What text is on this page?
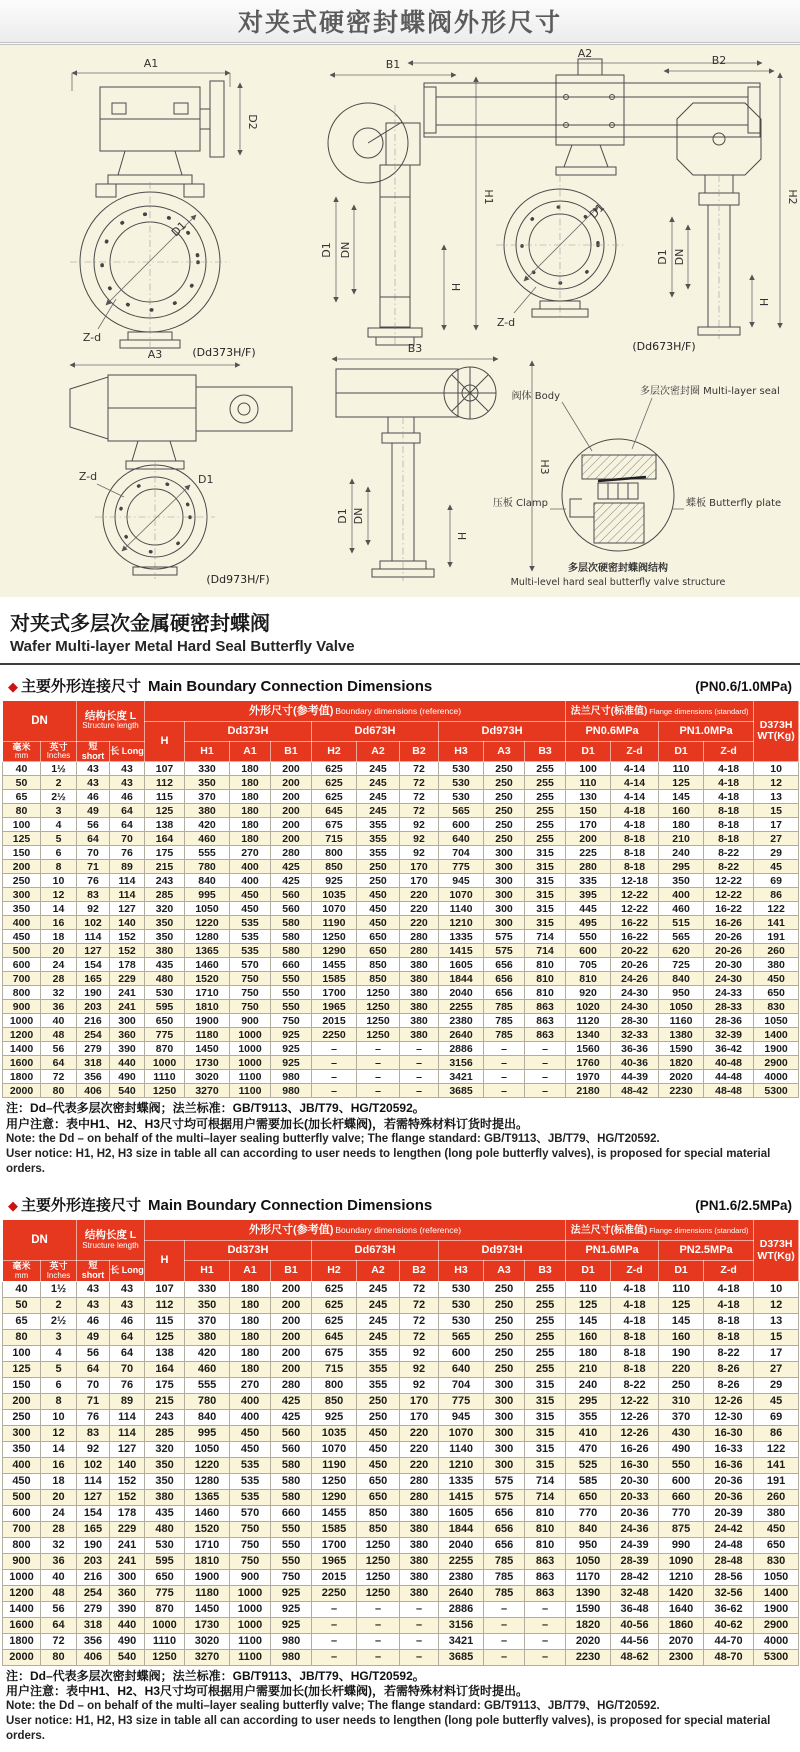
对夹式硬密封蝶阀外形尺寸
A1
D2
D1
Z-d
(Dd373H/F)
B1
H1
D1 DN
H
A2
D1
Z-d
B2
H2
D1 DN
H
(Dd673H/F)
A3
Z-d	D1
(Dd973H/F)
B3
H3
D1 DN
H
阀体 Body	多层次密封圈 Multi-layer seal
压板 Clamp	蝶板 Butterfly plate
多层次硬密封蝶阀结构
Multi-level hard seal butterfly valve structure
对夹式多层次金属硬密封蝶阀
Wafer Multi-layer Metal Hard Seal Butterfly Valve
◆ 主要外形连接尺寸 Main Boundary Connection Dimensions	(PN0.6/1.0MPa)
DN		结构长度 L
Structure length		外形尺寸(参考值) Boundary dimensions (reference)										法兰尺寸(标准值) Flange dimensions (standard)				D373H
WT(Kg)

				H	Dd373H			Dd673H			Dd973H			PN0.6MPa		PN1.0MPa		

毫米
mm	英寸
Inches	短 short	长 Long		H1	A1	B1	H2	A2	B2	H3	A3	B3	D1	Z-d	D1	Z-d	
40	1½	43	43	107	330	180	200	625	245	72	530	250	255	100	4-14	110	4-18	10
50	2	43	43	112	350	180	200	625	245	72	530	250	255	110	4-14	125	4-18	12
65	2½	46	46	115	370	180	200	625	245	72	530	250	255	130	4-14	145	4-18	13
80	3	49	64	125	380	180	200	645	245	72	565	250	255	150	4-18	160	8-18	15
100	4	56	64	138	420	180	200	675	355	92	600	250	255	170	4-18	180	8-18	17
125	5	64	70	164	460	180	200	715	355	92	640	250	255	200	8-18	210	8-18	27
150	6	70	76	175	555	270	280	800	355	92	704	300	315	225	8-18	240	8-22	29
200	8	71	89	215	780	400	425	850	250	170	775	300	315	280	8-18	295	8-22	45
250	10	76	114	243	840	400	425	925	250	170	945	300	315	335	12-18	350	12-22	69
300	12	83	114	285	995	450	560	1035	450	220	1070	300	315	395	12-22	400	12-22	86
350	14	92	127	320	1050	450	560	1070	450	220	1140	300	315	445	12-22	460	16-22	122
400	16	102	140	350	1220	535	580	1190	450	220	1210	300	315	495	16-22	515	16-26	141
450	18	114	152	350	1280	535	580	1250	650	280	1335	575	714	550	16-22	565	20-26	191
500	20	127	152	380	1365	535	580	1290	650	280	1415	575	714	600	20-22	620	20-26	260
600	24	154	178	435	1460	570	660	1455	850	380	1605	656	810	705	20-26	725	20-30	380
700	28	165	229	480	1520	750	550	1585	850	380	1844	656	810	810	24-26	840	24-30	450
800	32	190	241	530	1710	750	550	1700	1250	380	2040	656	810	920	24-30	950	24-33	650
900	36	203	241	595	1810	750	550	1965	1250	380	2255	785	863	1020	24-30	1050	28-33	830
1000	40	216	300	650	1900	900	750	2015	1250	380	2380	785	863	1120	28-30	1160	28-36	1050
1200	48	254	360	775	1180	1000	925	2250	1250	380	2640	785	863	1340	32-33	1380	32-39	1400
1400	56	279	390	870	1450	1000	925	–	–	–	2886	–	–	1560	36-36	1590	36-42	1900
1600	64	318	440	1000	1730	1000	925	–	–	–	3156	–	–	1760	40-36	1820	40-48	2900
1800	72	356	490	1110	3020	1100	980	–	–	–	3421	–	–	1970	44-39	2020	44-48	4000
2000	80	406	540	1250	3270	1100	980	–	–	–	3685	–	–	2180	48-42	2230	48-48	5300
注：Dd–代表多层次密封蝶阀；法兰标准：GB/T9113、JB/T79、HG/T20592。
用户注意：表中H1、H2、H3尺寸均可根据用户需要加长(加长杆蝶阀)，若需特殊材料订货时提出。
Note: the Dd – on behalf of the multi–layer sealing butterfly valve; The flange standard: GB/T9113、JB/T79、HG/T20592.
User notice: H1, H2, H3 size in table all can according to user needs to lengthen (long pole butterfly valves), is proposed for special material orders.
◆ 主要外形连接尺寸 Main Boundary Connection Dimensions	(PN1.6/2.5MPa)
DN		结构长度 L
Structure length		外形尺寸(参考值) Boundary dimensions (reference)										法兰尺寸(标准值) Flange dimensions (standard)				D373H
WT(Kg)

				H	Dd373H			Dd673H			Dd973H			PN1.6MPa		PN2.5MPa		

毫米
mm	英寸
Inches	短 short	长 Long		H1	A1	B1	H2	A2	B2	H3	A3	B3	D1	Z-d	D1	Z-d	
40	1½	43	43	107	330	180	200	625	245	72	530	250	255	110	4-18	110	4-18	10
50	2	43	43	112	350	180	200	625	245	72	530	250	255	125	4-18	125	4-18	12
65	2½	46	46	115	370	180	200	625	245	72	530	250	255	145	4-18	145	8-18	13
80	3	49	64	125	380	180	200	645	245	72	565	250	255	160	8-18	160	8-18	15
100	4	56	64	138	420	180	200	675	355	92	600	250	255	180	8-18	190	8-22	17
125	5	64	70	164	460	180	200	715	355	92	640	250	255	210	8-18	220	8-26	27
150	6	70	76	175	555	270	280	800	355	92	704	300	315	240	8-22	250	8-26	29
200	8	71	89	215	780	400	425	850	250	170	775	300	315	295	12-22	310	12-26	45
250	10	76	114	243	840	400	425	925	250	170	945	300	315	355	12-26	370	12-30	69
300	12	83	114	285	995	450	560	1035	450	220	1070	300	315	410	12-26	430	16-30	86
350	14	92	127	320	1050	450	560	1070	450	220	1140	300	315	470	16-26	490	16-33	122
400	16	102	140	350	1220	535	580	1190	450	220	1210	300	315	525	16-30	550	16-36	141
450	18	114	152	350	1280	535	580	1250	650	280	1335	575	714	585	20-30	600	20-36	191
500	20	127	152	380	1365	535	580	1290	650	280	1415	575	714	650	20-33	660	20-36	260
600	24	154	178	435	1460	570	660	1455	850	380	1605	656	810	770	20-36	770	20-39	380
700	28	165	229	480	1520	750	550	1585	850	380	1844	656	810	840	24-36	875	24-42	450
800	32	190	241	530	1710	750	550	1700	1250	380	2040	656	810	950	24-39	990	24-48	650
900	36	203	241	595	1810	750	550	1965	1250	380	2255	785	863	1050	28-39	1090	28-48	830
1000	40	216	300	650	1900	900	750	2015	1250	380	2380	785	863	1170	28-42	1210	28-56	1050
1200	48	254	360	775	1180	1000	925	2250	1250	380	2640	785	863	1390	32-48	1420	32-56	1400
1400	56	279	390	870	1450	1000	925	–	–	–	2886	–	–	1590	36-48	1640	36-62	1900
1600	64	318	440	1000	1730	1000	925	–	–	–	3156	–	–	1820	40-56	1860	40-62	2900
1800	72	356	490	1110	3020	1100	980	–	–	–	3421	–	–	2020	44-56	2070	44-70	4000
2000	80	406	540	1250	3270	1100	980	–	–	–	3685	–	–	2230	48-62	2300	48-70	5300
注：Dd–代表多层次密封蝶阀；法兰标准：GB/T9113、JB/T79、HG/T20592。
用户注意：表中H1、H2、H3尺寸均可根据用户需要加长(加长杆蝶阀)，若需特殊材料订货时提出。
Note: the Dd – on behalf of the multi–layer sealing butterfly valve; The flange standard: GB/T9113、JB/T79、HG/T20592.
User notice: H1, H2, H3 size in table all can according to user needs to lengthen (long pole butterfly valves), is proposed for special material orders.
